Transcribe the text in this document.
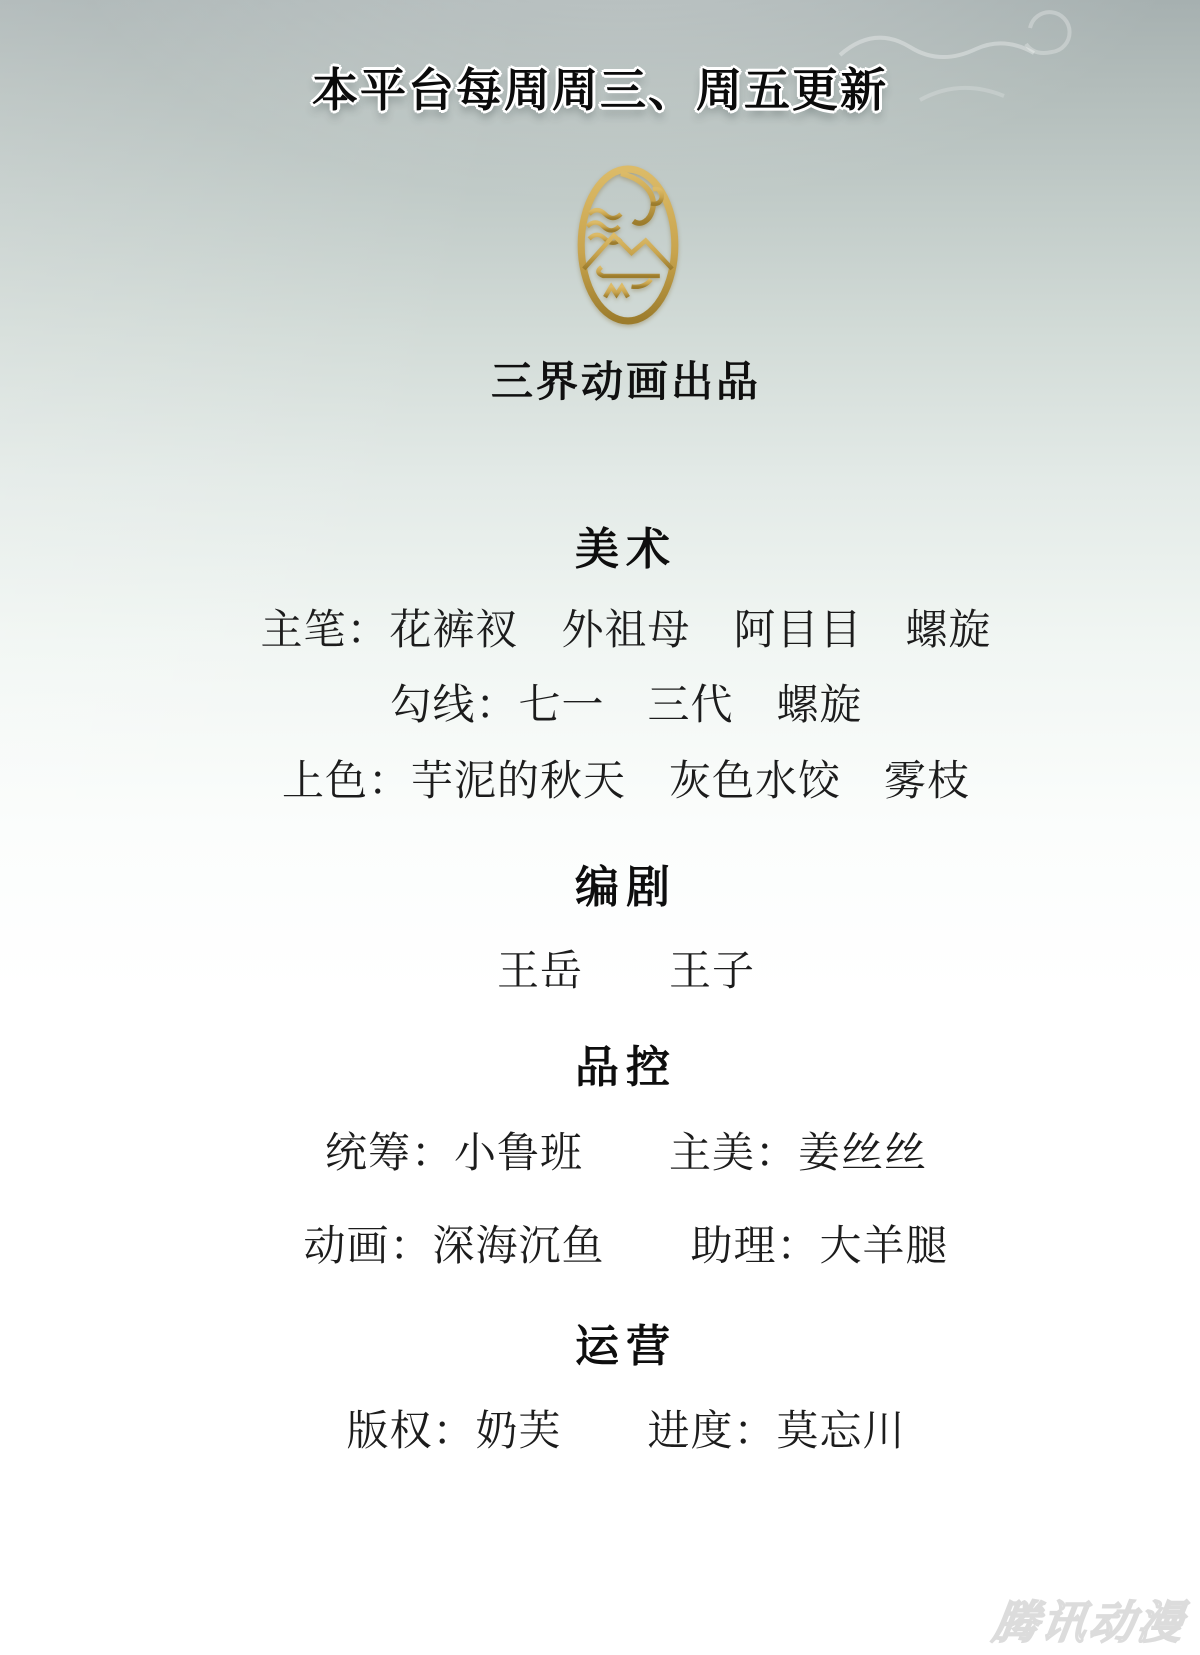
本平台每周周三、周五更新
三界动画出品
美术
主笔：花裤衩　外祖母　阿目目　螺旋
勾线：七一　三代　螺旋
上色：芋泥的秋天　灰色水饺　雾枝
编剧
王岳　　王子
品控
统筹：小鲁班　　主美：姜丝丝
动画：深海沉鱼　　助理：大羊腿
运营
版权：奶芙　　进度：莫忘川
腾讯动漫
